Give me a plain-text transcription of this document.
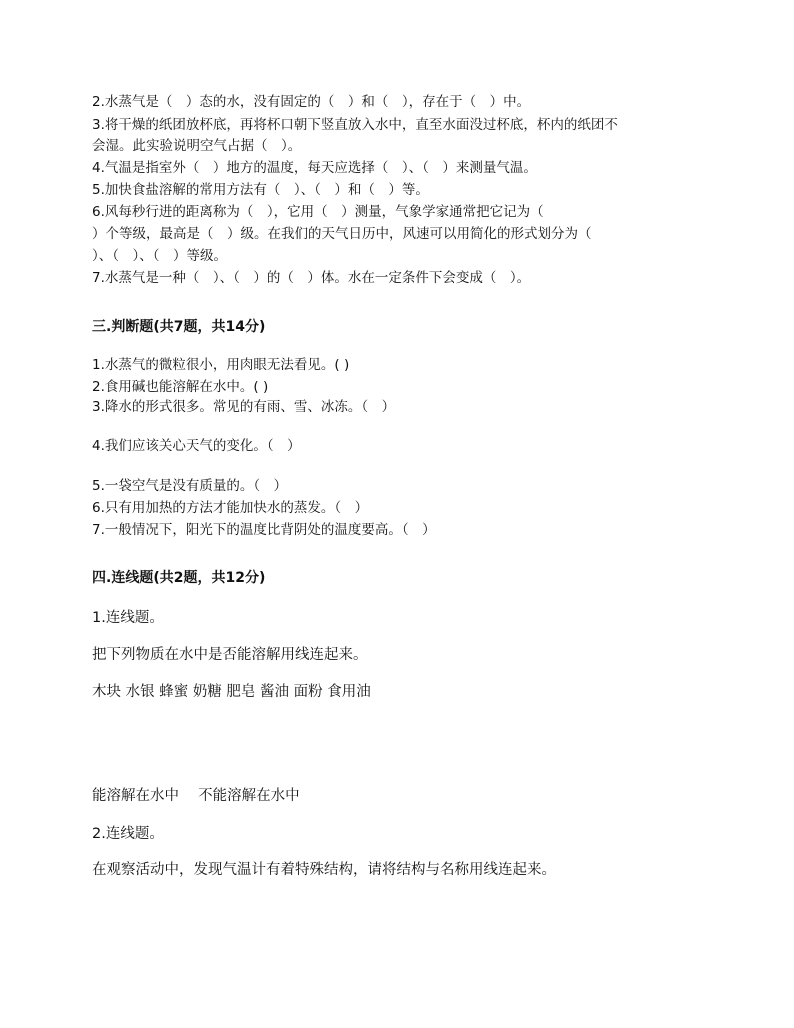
2.水蒸气是（　）态的水，没有固定的（　）和（　），存在于（　）中。
3.将干燥的纸团放杯底，再将杯口朝下竖直放入水中，直至水面没过杯底，杯内的纸团不
会湿。此实验说明空气占据（　）。
4.气温是指室外（　）地方的温度，每天应选择（　）、（　）来测量气温。
5.加快食盐溶解的常用方法有（　）、（　）和（　）等。
6.风每秒行进的距离称为（　），它用（　）测量，气象学家通常把它记为（
）个等级，最高是（　）级。在我们的天气日历中，风速可以用简化的形式划分为（
）、（　）、（　）等级。
7.水蒸气是一种（　）、（　）的（　）体。水在一定条件下会变成（　）。
三.判断题(共7题，共14分)
1.水蒸气的微粒很小，用肉眼无法看见。( )
2.食用碱也能溶解在水中。( )
3.降水的形式很多。常见的有雨、雪、冰冻。（　）
4.我们应该关心天气的变化。（　）
5.一袋空气是没有质量的。（　）
6.只有用加热的方法才能加快水的蒸发。（　）
7.一般情况下，阳光下的温度比背阴处的温度要高。（　）
四.连线题(共2题，共12分)
1.连线题。
把下列物质在水中是否能溶解用线连起来。
木块 水银 蜂蜜 奶糖 肥皂 酱油 面粉 食用油
能溶解在水中　 不能溶解在水中
2.连线题。
在观察活动中，发现气温计有着特殊结构，请将结构与名称用线连起来。
